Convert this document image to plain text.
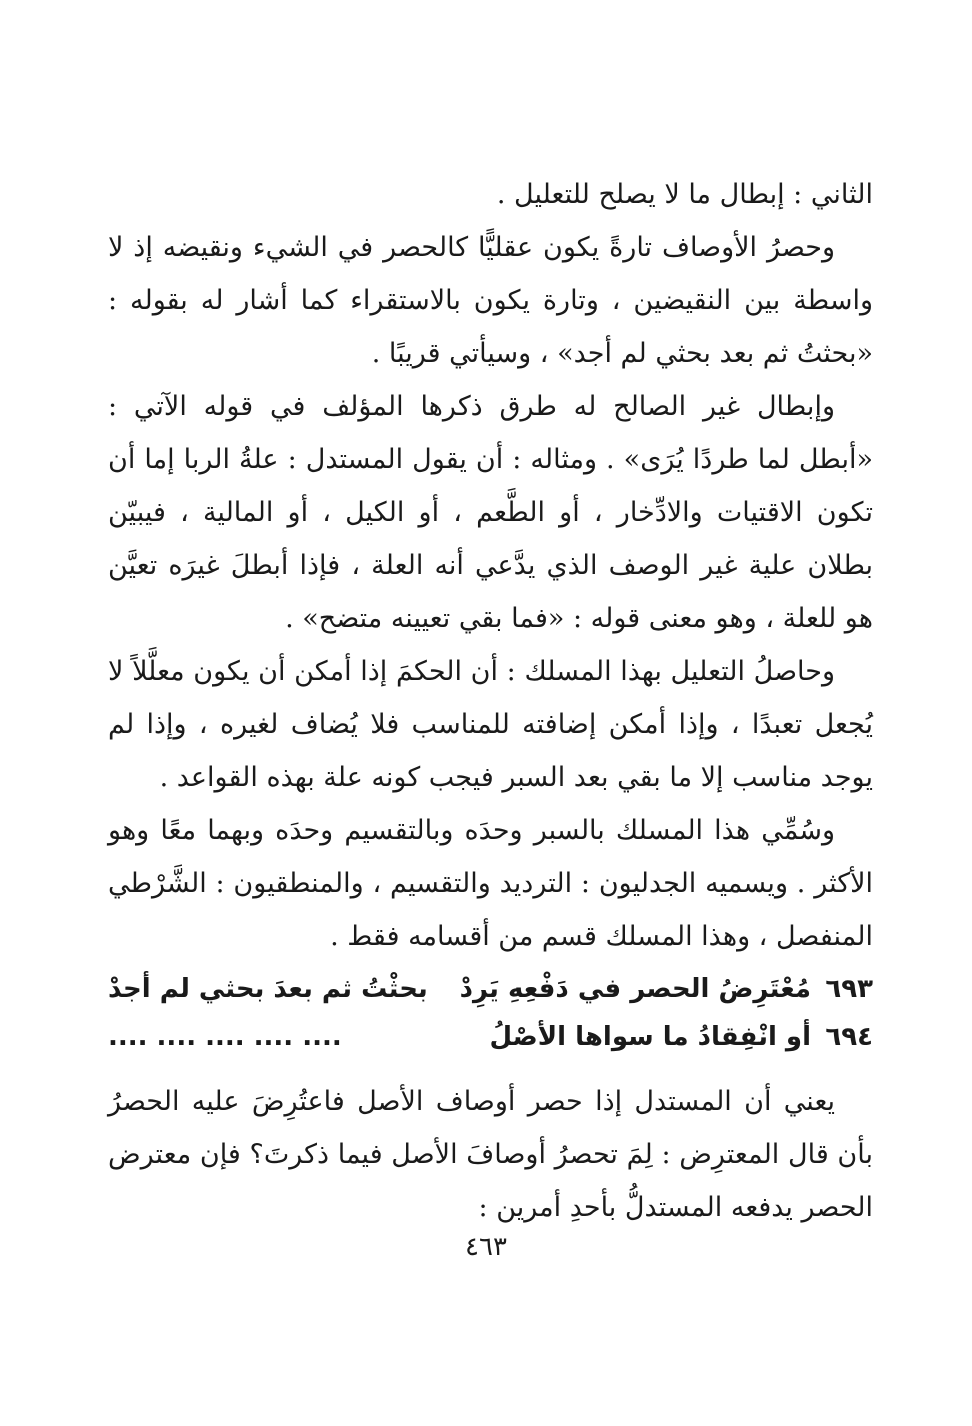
الثاني : إبطال ما لا يصلح للتعليل .

وحصرُ الأوصاف تارةً يكون عقليًّا كالحصر في الشيء ونقيضه إذ لا واسطة بين النقيضين ، وتارة يكون بالاستقراء كما أشار له بقوله : «بحثتُ ثم بعد بحثي لم أجد» ، وسيأتي قريبًا .

وإبطال غير الصالح له طرق ذكرها المؤلف في قوله الآتي : «أبطل لما طردًا يُرَى» . ومثاله : أن يقول المستدل : علةُ الربا إما أن تكون الاقتيات والادِّخار ، أو الطَّعم ، أو الكيل ، أو المالية ، فيبيّن بطلان علية غير الوصف الذي يدَّعي أنه العلة ، فإذا أبطلَ غيرَه تعيَّن هو للعلة ، وهو معنى قوله : «فما بقي تعيينه متضح» .

وحاصلُ التعليل بهذا المسلك : أن الحكمَ إذا أمكن أن يكون معلَّلاً لا يُجعل تعبدًا ، وإذا أمكن إضافته للمناسب فلا يُضاف لغيره ، وإذا لم يوجد مناسب إلا ما بقي بعد السبر فيجب كونه علة بهذه القواعد .

وسُمِّي هذا المسلك بالسبر وحدَه وبالتقسيم وحدَه وبهما معًا وهو الأكثر . ويسميه الجدليون : الترديد والتقسيم ، والمنطقيون : الشَّرْطي المنفصل ، وهذا المسلك قسم من أقسامه فقط .

٦٩٣
مُعْتَرِضُ الحصر في دَفْعِهِ يَرِدْ
بحثْتُ ثم بعدَ بحثي لم أجدْ
٦٩٤
أو انْفِقادُ ما سواها الأصْلُ
.... .... .... .... ....

يعني أن المستدل إذا حصر أوصاف الأصل فاعتُرِضَ عليه الحصرُ بأن قال المعترِض : لِمَ تحصرُ أوصافَ الأصل فيما ذكرتَ؟ فإن معترض الحصر يدفعه المستدلُّ بأحدِ أمرين :

٤٦٣
